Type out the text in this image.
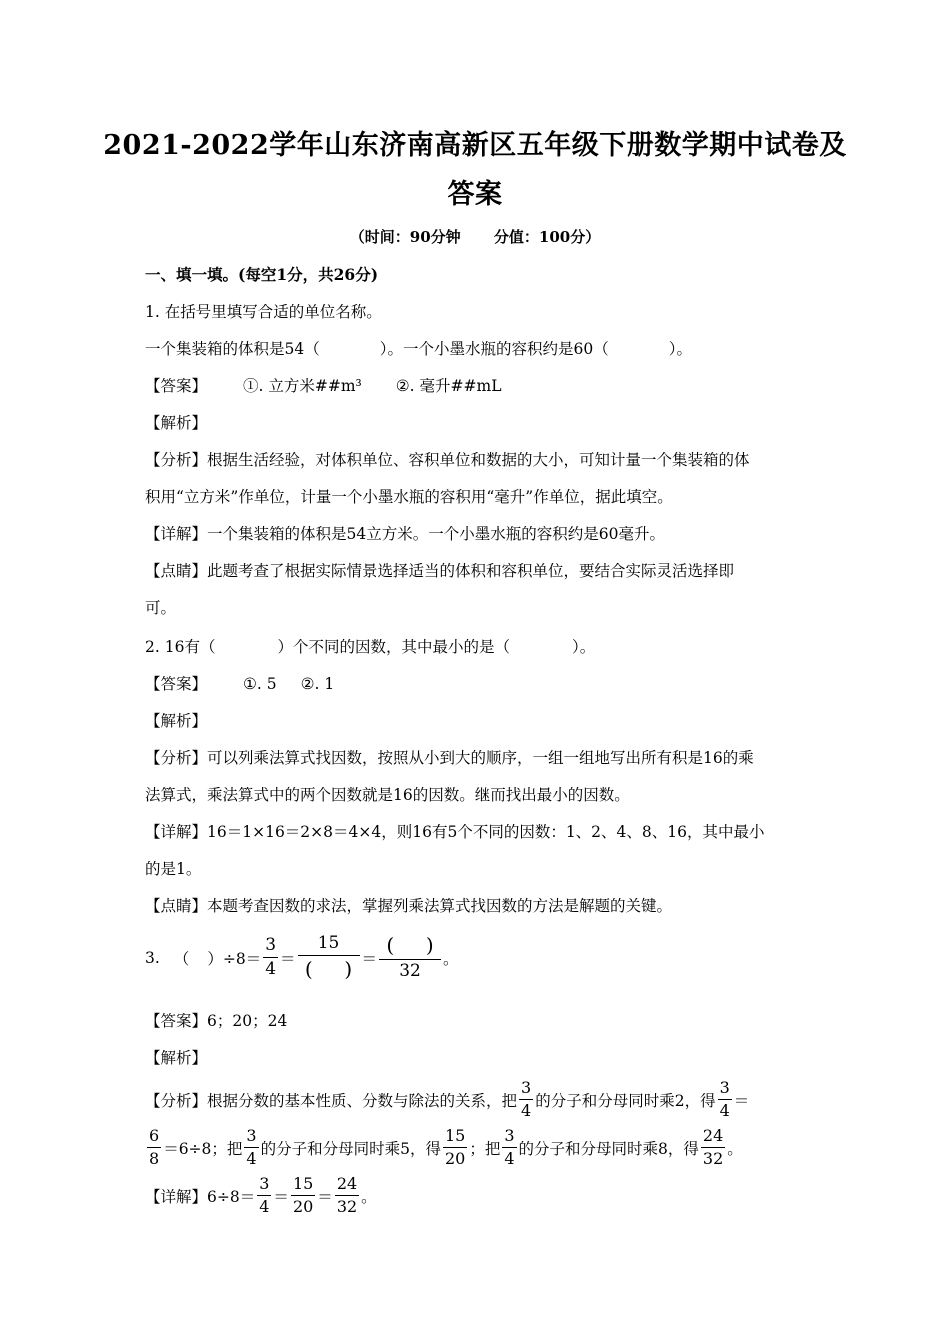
2021-2022学年山东济南高新区五年级下册数学期中试卷及
答案
（时间：90分钟 分值：100分）
一、填一填。(每空1分，共26分)
1. 在括号里填写合适的单位名称。
一个集装箱的体积是54（	）。一个小墨水瓶的容积约是60（	）。
【答案】 ①. 立方米##m³ ②. 毫升##mL
【解析】
【分析】根据生活经验，对体积单位、容积单位和数据的大小，可知计量一个集装箱的体
积用“立方米”作单位，计量一个小墨水瓶的容积用“毫升”作单位，据此填空。
【详解】一个集装箱的体积是54立方米。一个小墨水瓶的容积约是60毫升。
【点睛】此题考查了根据实际情景选择适当的体积和容积单位，要结合实际灵活选择即
可。
2. 16有（	）个不同的因数，其中最小的是（	）。
【答案】 ①. 5 ②. 1
【解析】
【分析】可以列乘法算式找因数，按照从小到大的顺序，一组一组地写出所有积是16的乘
法算式，乘法算式中的两个因数就是16的因数。继而找出最小的因数。
【详解】16＝1×16＝2×8＝4×4，则16有5个不同的因数：1、2、4、8、16，其中最小
的是1。
【点睛】本题考查因数的求法，掌握列乘法算式找因数的方法是解题的关键。
3. （ ） $\div 8= \frac{3}{4} = \frac{15}{( )} = \frac{( )}{32}$ 。
【答案】6；20；24
【解析】
【分析】 根据分数的基本性质、分数与除法的关系，把 $\frac{3}{4}$ 的分子和分母同时乘2，得 $\frac{3}{4}$ ＝
$\frac{6}{8} =6\div 8$；把 $\frac{3}{4}$ 的分子和分母同时乘5，得 $\frac{15}{20}$ ；把 $\frac{3}{4}$ 的分子和分母同时乘8，得 $\frac{24}{32}$ 。
【详解】 $6\div 8= \frac{3}{4} = \frac{15}{20} = \frac{24}{32}$ 。
